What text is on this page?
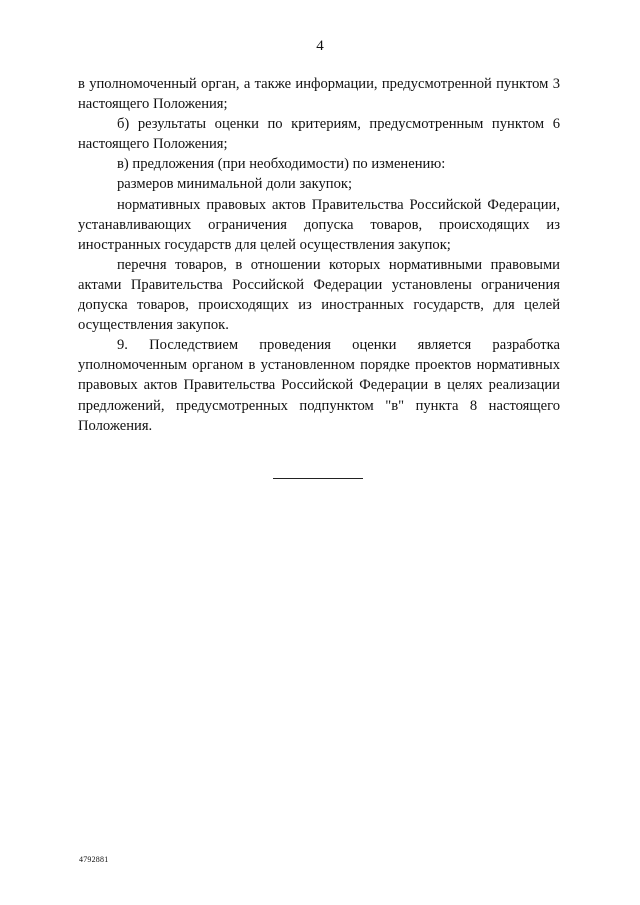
4

в уполномоченный орган, а также информации, предусмотренной пунктом 3 настоящего Положения;

б) результаты оценки по критериям, предусмотренным пунктом 6 настоящего Положения;

в) предложения (при необходимости) по изменению:

размеров минимальной доли закупок;

нормативных правовых актов Правительства Российской Федерации, устанавливающих ограничения допуска товаров, происходящих из иностранных государств для целей осуществления закупок;

перечня товаров, в отношении которых нормативными правовыми актами Правительства Российской Федерации установлены ограничения допуска товаров, происходящих из иностранных государств, для целей осуществления закупок.

9. Последствием проведения оценки является разработка уполномоченным органом в установленном порядке проектов нормативных правовых актов Правительства Российской Федерации в целях реализации предложений, предусмотренных подпунктом "в" пункта 8 настоящего Положения.

4792881
